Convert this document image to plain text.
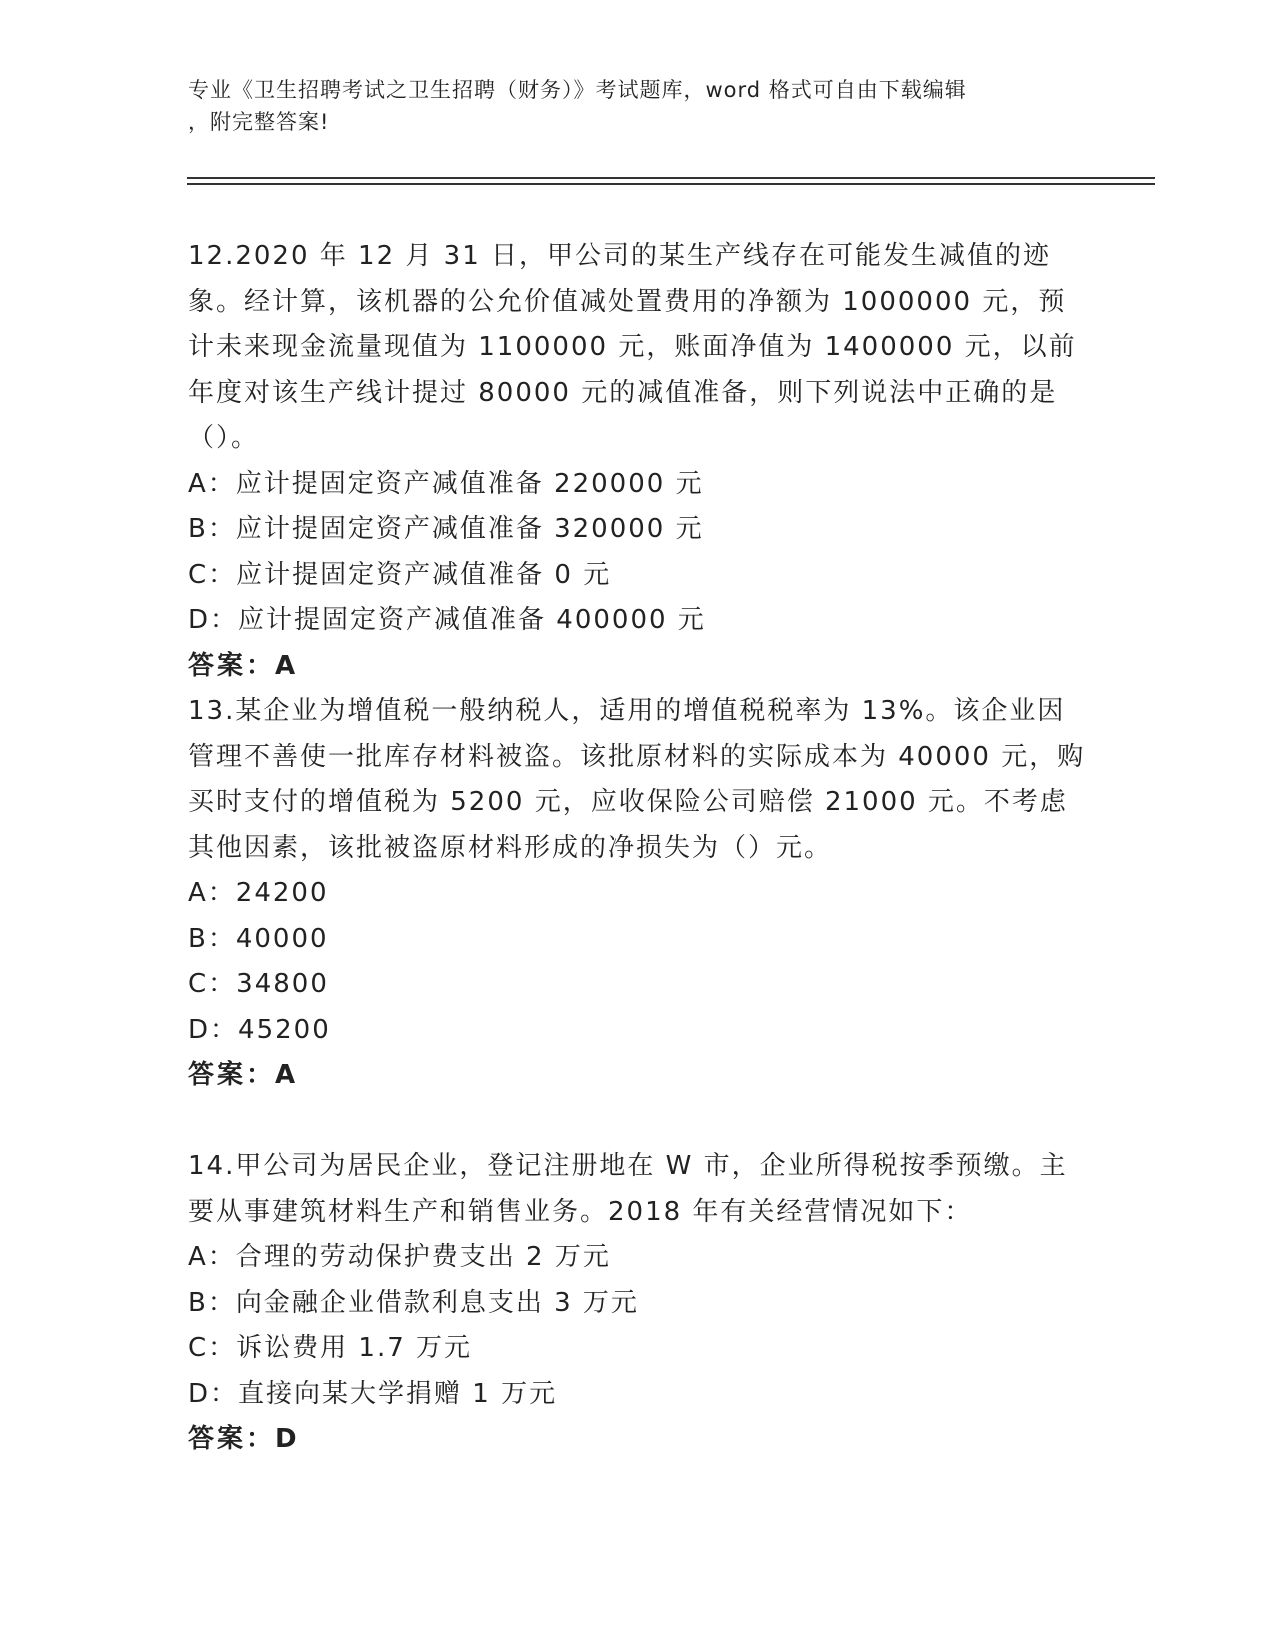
专业《卫生招聘考试之卫生招聘（财务）》考试题库，word 格式可自由下载编辑
，附完整答案!
12.2020 年 12 月 31 日，甲公司的某生产线存在可能发生减值的迹象。经计算，该机器的公允价值减处置费用的净额为 1000000 元，预计未来现金流量现值为 1100000 元，账面净值为 1400000 元，以前年度对该生产线计提过 80000 元的减值准备，则下列说法中正确的是（）。
A：应计提固定资产减值准备 220000 元
B：应计提固定资产减值准备 320000 元
C：应计提固定资产减值准备 0 元
D：应计提固定资产减值准备 400000 元
答案：A
13.某企业为增值税一般纳税人，适用的增值税税率为 13%。该企业因管理不善使一批库存材料被盗。该批原材料的实际成本为 40000 元，购买时支付的增值税为 5200 元，应收保险公司赔偿 21000 元。不考虑其他因素，该批被盗原材料形成的净损失为（）元。
A：24200
B：40000
C：34800
D：45200
答案：A
14.甲公司为居民企业，登记注册地在 W 市，企业所得税按季预缴。主要从事建筑材料生产和销售业务。2018 年有关经营情况如下：
A：合理的劳动保护费支出 2 万元
B：向金融企业借款利息支出 3 万元
C：诉讼费用 1.7 万元
D：直接向某大学捐赠 1 万元
答案：D
